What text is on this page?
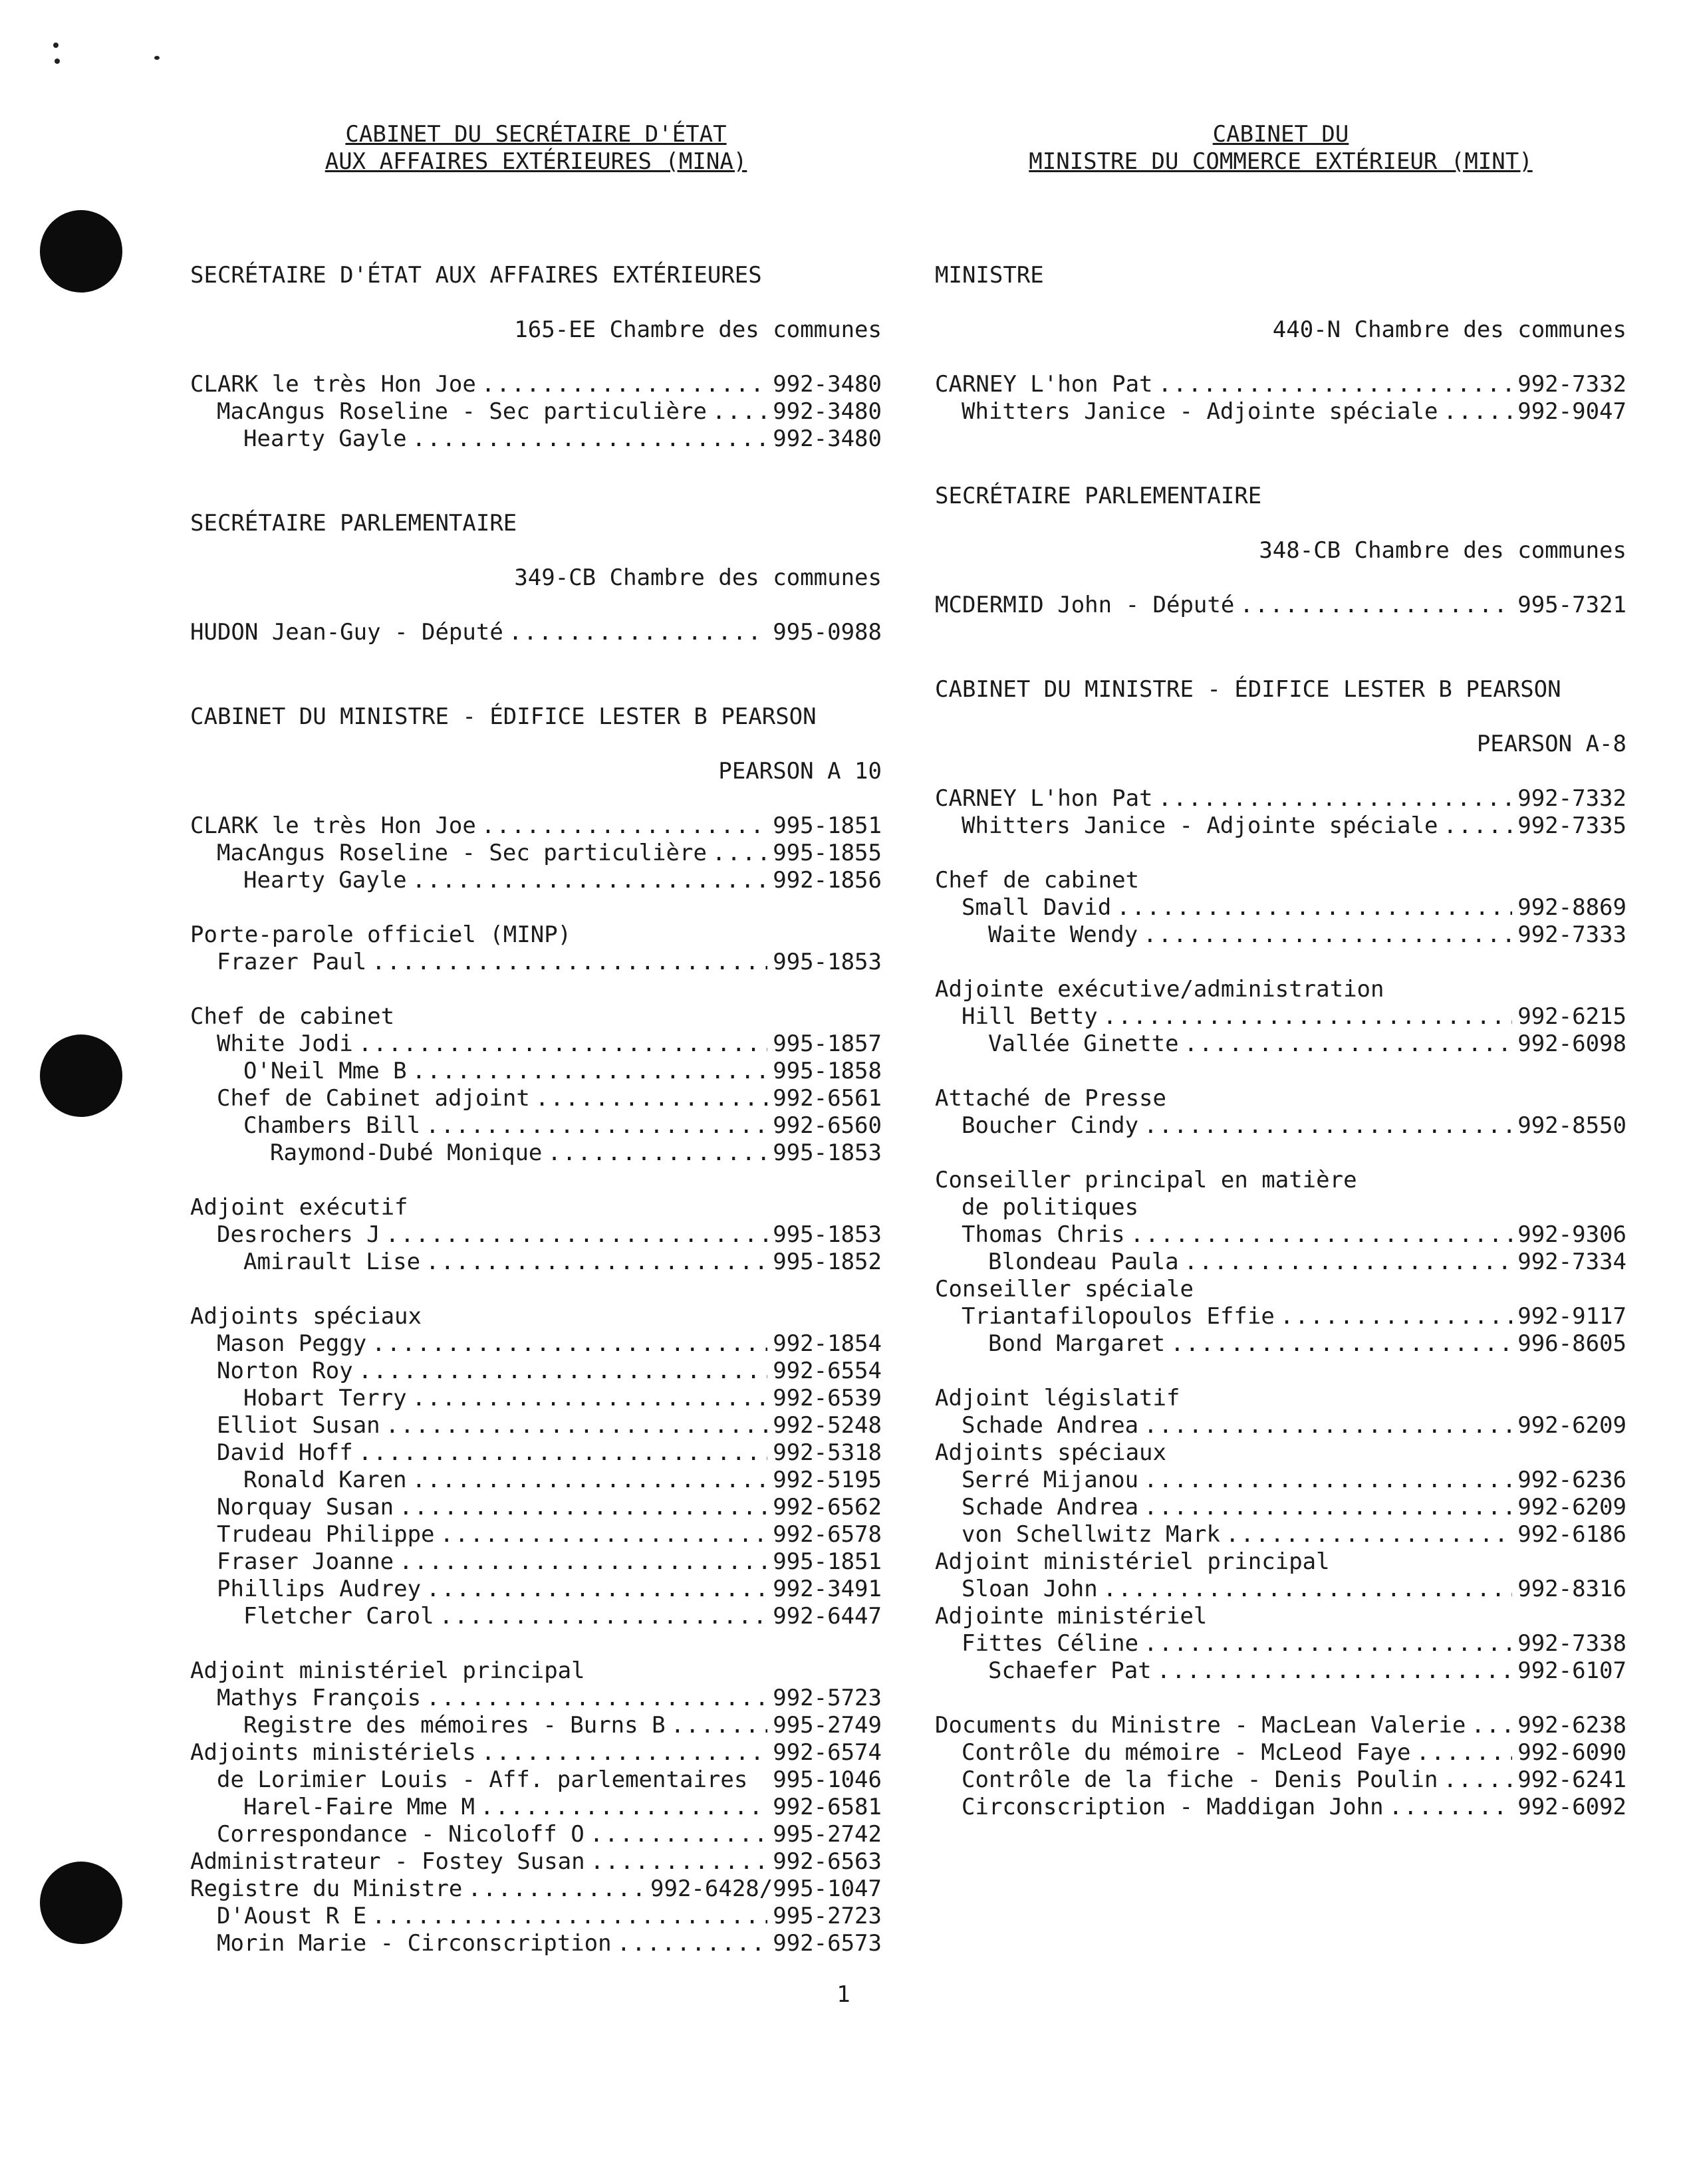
CABINET DU SECRÉTAIRE D'ÉTAT
AUX AFFAIRES EXTÉRIEURES (MINA)
SECRÉTAIRE D'ÉTAT AUX AFFAIRES EXTÉRIEURES
165-EE Chambre des communes
CLARK le très Hon Joe .....	992-3480
MacAngus Roseline - Sec particulière .....	992-3480
Hearty Gayle .....	992-3480
SECRÉTAIRE PARLEMENTAIRE
349-CB Chambre des communes
HUDON Jean-Guy - Député .....	995-0988
CABINET DU MINISTRE - ÉDIFICE LESTER B PEARSON
PEARSON A 10
CLARK le très Hon Joe .....	995-1851
MacAngus Roseline - Sec particulière .....	995-1855
Hearty Gayle .....	992-1856
Porte-parole officiel (MINP)
Frazer Paul .....	995-1853
Chef de cabinet
White Jodi .....	995-1857
O'Neil Mme B .....	995-1858
Chef de Cabinet adjoint .....	992-6561
Chambers Bill .....	992-6560
Raymond-Dubé Monique .....	995-1853
Adjoint exécutif
Desrochers J .....	995-1853
Amirault Lise .....	995-1852
Adjoints spéciaux
Mason Peggy .....	992-1854
Norton Roy .....	992-6554
Hobart Terry .....	992-6539
Elliot Susan .....	992-5248
David Hoff .....	992-5318
Ronald Karen .....	992-5195
Norquay Susan .....	992-6562
Trudeau Philippe .....	992-6578
Fraser Joanne .....	995-1851
Phillips Audrey .....	992-3491
Fletcher Carol .....	992-6447
Adjoint ministériel principal
Mathys François .....	992-5723
Registre des mémoires - Burns B .....	995-2749
Adjoints ministériels .....	992-6574
de Lorimier Louis - Aff. parlementaires 995-1046
Harel-Faire Mme M .....	992-6581
Correspondance - Nicoloff O .....	995-2742
Administrateur - Fostey Susan .....	992-6563
Registre du Ministre .....	992-6428/995-1047
D'Aoust R E .....	995-2723
Morin Marie - Circonscription .....	992-6573
CABINET DU
MINISTRE DU COMMERCE EXTÉRIEUR (MINT)
MINISTRE
440-N Chambre des communes
CARNEY L'hon Pat .....	992-7332
Whitters Janice - Adjointe spéciale .....	992-9047
SECRÉTAIRE PARLEMENTAIRE
348-CB Chambre des communes
MCDERMID John - Député .....	995-7321
CABINET DU MINISTRE - ÉDIFICE LESTER B PEARSON
PEARSON A-8
CARNEY L'hon Pat .....	992-7332
Whitters Janice - Adjointe spéciale .....	992-7335
Chef de cabinet
Small David .....	992-8869
Waite Wendy .....	992-7333
Adjointe exécutive/administration
Hill Betty .....	992-6215
Vallée Ginette .....	992-6098
Attaché de Presse
Boucher Cindy .....	992-8550
Conseiller principal en matière
de politiques
Thomas Chris .....	992-9306
Blondeau Paula .....	992-7334
Conseiller spéciale
Triantafilopoulos Effie .....	992-9117
Bond Margaret .....	996-8605
Adjoint législatif
Schade Andrea .....	992-6209
Adjoints spéciaux
Serré Mijanou .....	992-6236
Schade Andrea .....	992-6209
von Schellwitz Mark .....	992-6186
Adjoint ministériel principal
Sloan John .....	992-8316
Adjointe ministériel
Fittes Céline .....	992-7338
Schaefer Pat .....	992-6107
Documents du Ministre - MacLean Valerie ..... 992-6238
Contrôle du mémoire - McLeod Faye .....	992-6090
Contrôle de la fiche - Denis Poulin .....	992-6241
Circonscription - Maddigan John .....	992-6092
1
